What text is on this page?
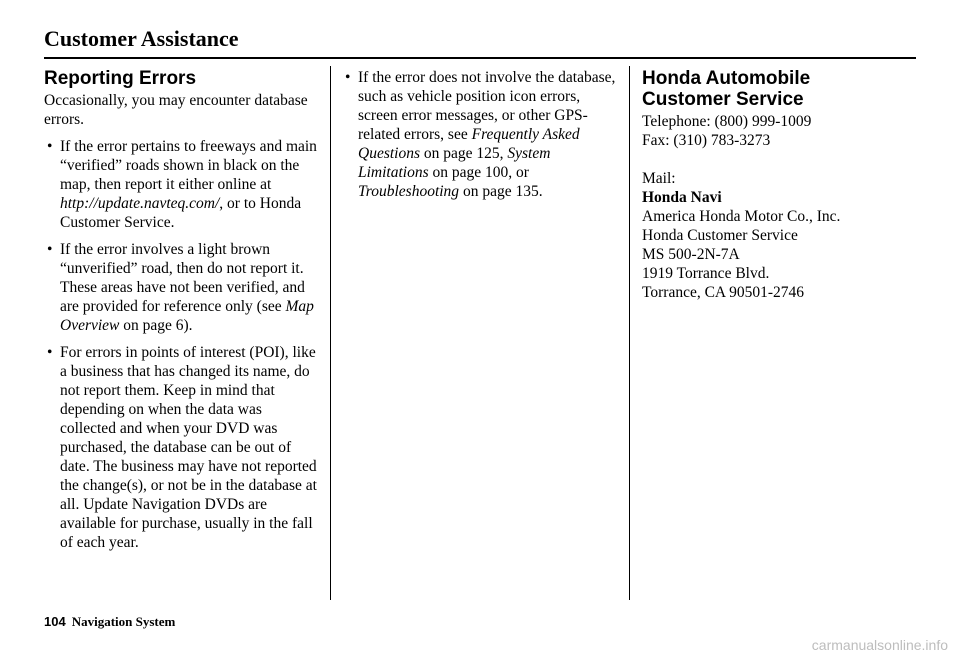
Customer Assistance
Reporting Errors

Occasionally, you may encounter database errors.

• If the error pertains to freeways and main “verified” roads shown in black on the map, then report it either online at http://update.navteq.com/, or to Honda Customer Service.
• If the error involves a light brown “unverified” road, then do not report it. These areas have not been verified, and are provided for reference only (see Map Overview on page 6).
• For errors in points of interest (POI), like a business that has changed its name, do not report them. Keep in mind that depending on when the data was collected and when your DVD was purchased, the database can be out of date. The business may have not reported the change(s), or not be in the database at all. Update Navigation DVDs are available for purchase, usually in the fall of each year.
• If the error does not involve the database, such as vehicle position icon errors, screen error messages, or other GPS-related errors, see Frequently Asked Questions on page 125, System Limitations on page 100, or Troubleshooting on page 135.
Honda Automobile
Customer Service
Telephone: (800) 999-1009
Fax: (310) 783-3273
Mail:
Honda Navi
America Honda Motor Co., Inc.
Honda Customer Service
MS 500-2N-7A
1919 Torrance Blvd.
Torrance, CA 90501-2746
104 Navigation System
carmanualsonline.info
